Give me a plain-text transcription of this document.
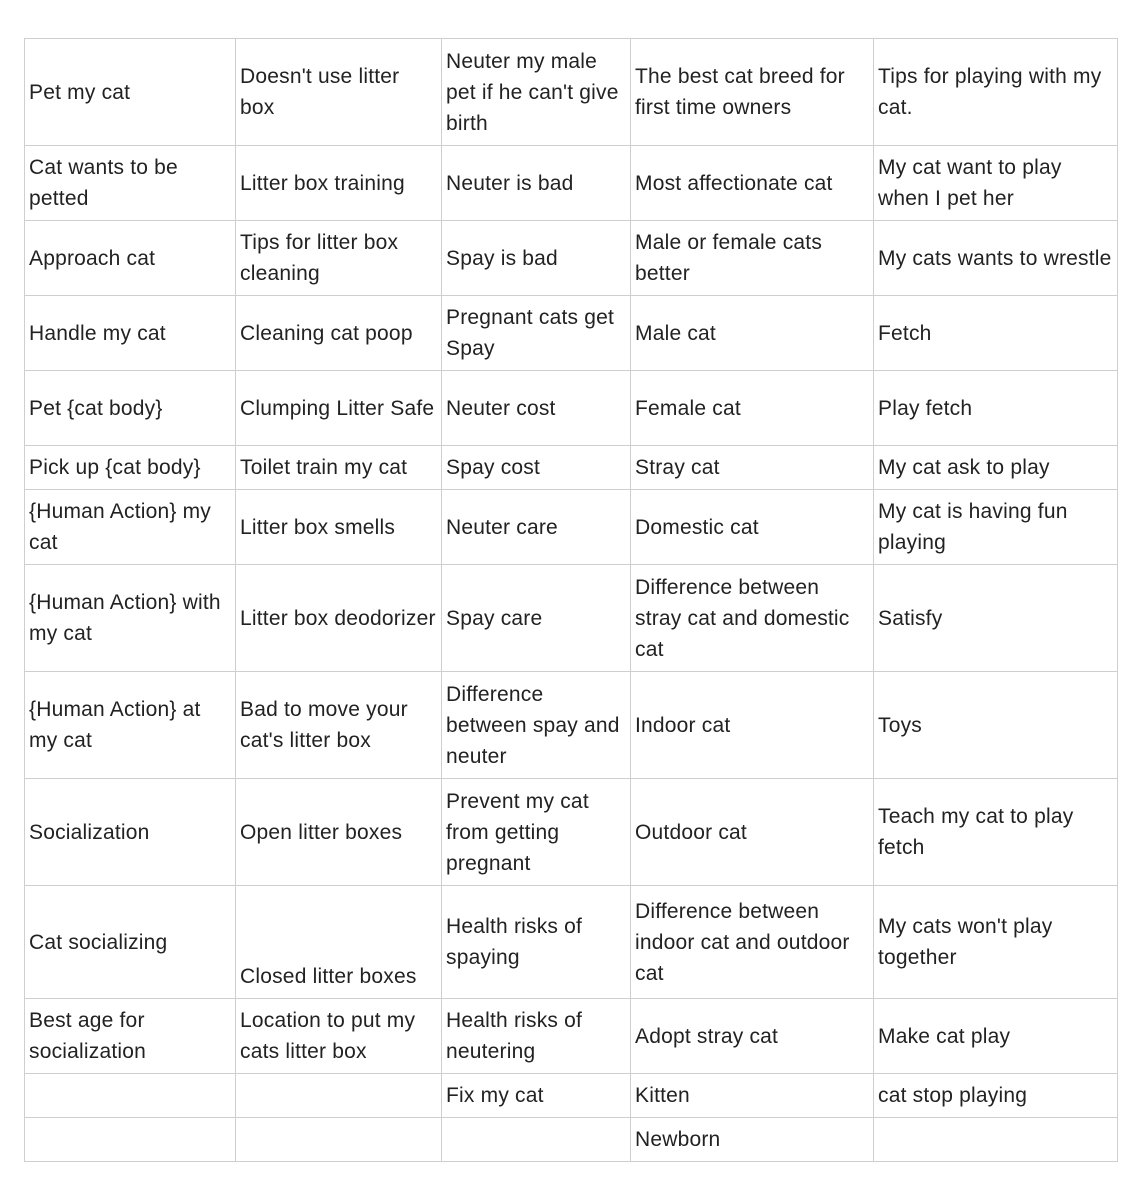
Pet my cat	Doesn't use litter box	Neuter my male pet if he can't give birth	The best cat breed for first time owners	Tips for playing with my cat.
Cat wants to be petted	Litter box training	Neuter is bad	Most affectionate cat	My cat want to play when I pet her
Approach cat	Tips for litter box cleaning	Spay is bad	Male or female cats better	My cats wants to wrestle
Handle my cat	Cleaning cat poop	Pregnant cats get Spay	Male cat	Fetch
Pet {cat body}	Clumping Litter Safe	Neuter cost	Female cat	Play fetch
Pick up {cat body}	Toilet train my cat	Spay cost	Stray cat	My cat ask to play
{Human Action} my cat	Litter box smells	Neuter care	Domestic cat	My cat is having fun playing
{Human Action} with my cat	Litter box deodorizer	Spay care	Difference between stray cat and domestic cat	Satisfy
{Human Action} at my cat	Bad to move your cat's litter box	Difference between spay and neuter	Indoor cat	Toys
Socialization	Open litter boxes	Prevent my cat from getting pregnant	Outdoor cat	Teach my cat to play fetch
Cat socializing	Closed litter boxes	Health risks of spaying	Difference between indoor cat and outdoor cat	My cats won't play together
Best age for socialization	Location to put my cats litter box	Health risks of neutering	Adopt stray cat	Make cat play
		Fix my cat	Kitten	cat stop playing
			Newborn	
